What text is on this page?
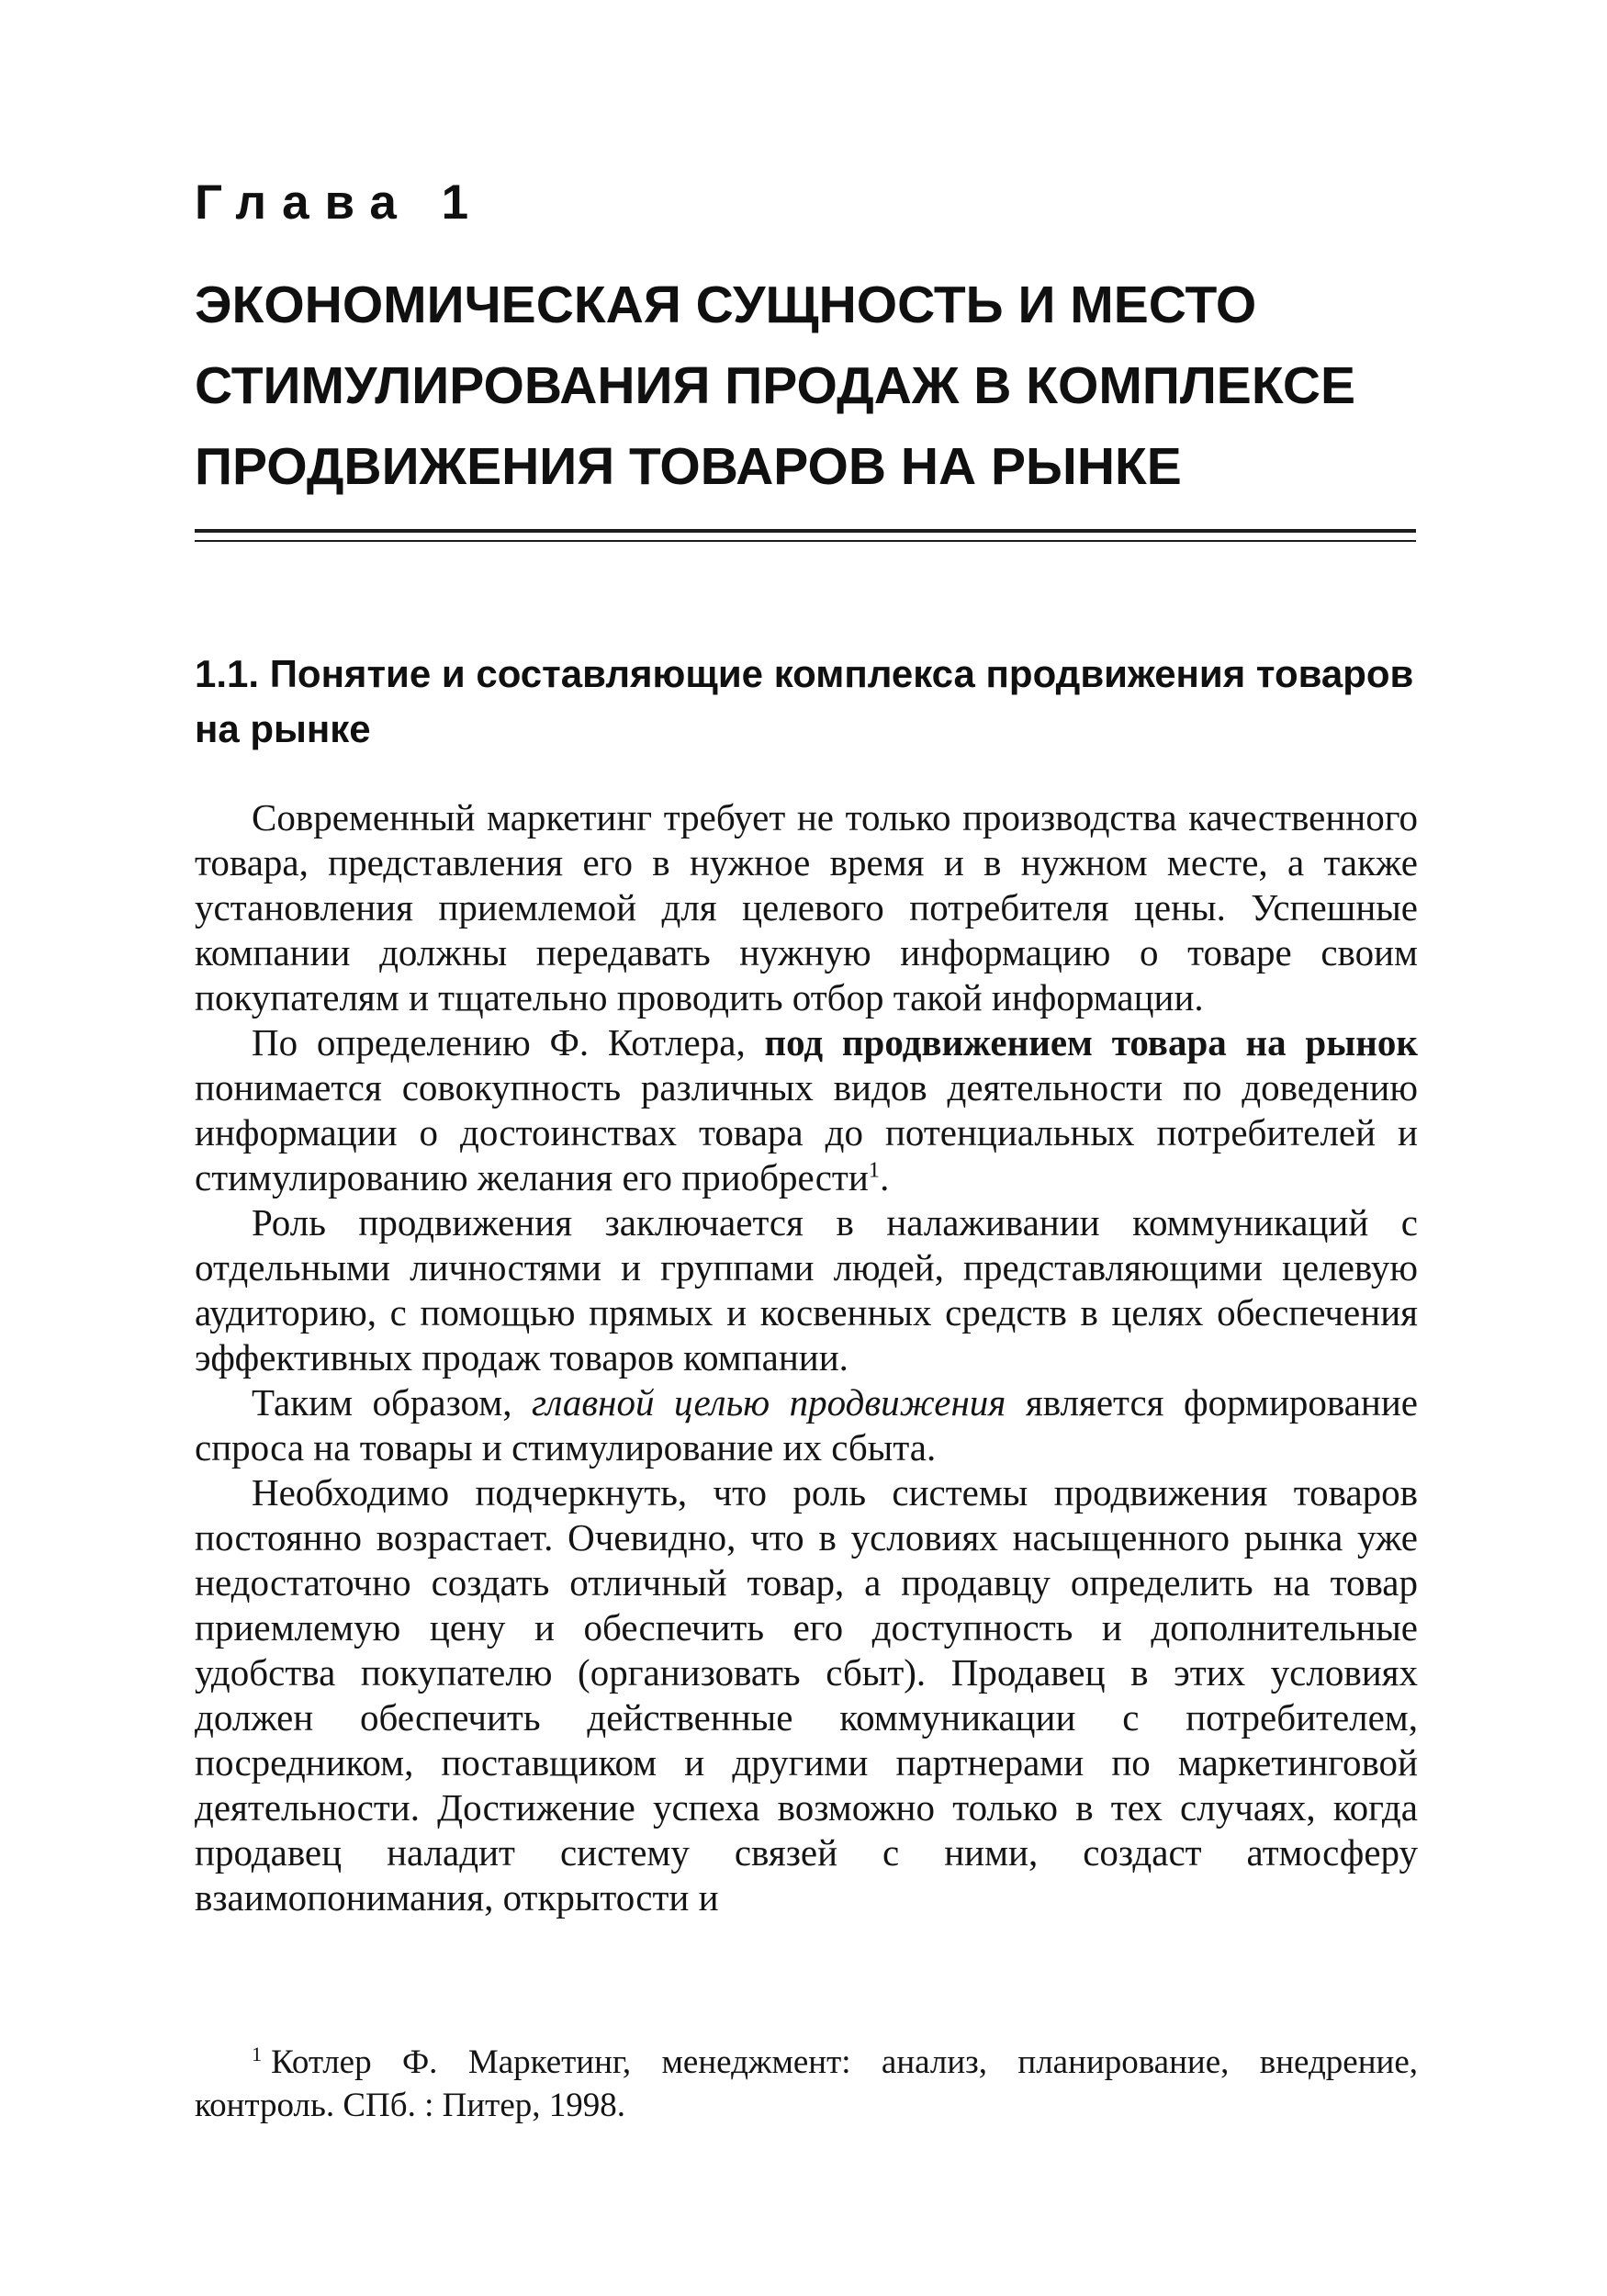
Глава 1
ЭКОНОМИЧЕСКАЯ СУЩНОСТЬ И МЕСТО СТИМУЛИРОВАНИЯ ПРОДАЖ В КОМПЛЕКСЕ ПРОДВИЖЕНИЯ ТОВАРОВ НА РЫНКЕ
1.1. Понятие и составляющие комплекса продвижения товаров на рынке

Современный маркетинг требует не только производства качественного товара, представления его в нужное время и в нужном месте, а также установления приемлемой для целевого потребителя цены. Успешные компании должны передавать нужную информацию о товаре своим покупателям и тщательно проводить отбор такой информации.

По определению Ф. Котлера, под продвижением товара на рынок понимается совокупность различных видов деятельности по доведению информации о достоинствах товара до потенциальных потребителей и стимулированию желания его приобрести$^1$.

Роль продвижения заключается в налаживании коммуникаций с отдельными личностями и группами людей, представляющими целевую аудиторию, с помощью прямых и косвенных средств в целях обеспечения эффективных продаж товаров компании.

Таким образом, главной целью продвижения является формирование спроса на товары и стимулирование их сбыта.

Необходимо подчеркнуть, что роль системы продвижения товаров постоянно возрастает. Очевидно, что в условиях насыщенного рынка уже недостаточно создать отличный товар, а продавцу определить на товар приемлемую цену и обеспечить его доступность и дополнительные удобства покупателю (организовать сбыт). Продавец в этих условиях должен обеспечить действенные коммуникации с потребителем, посредником, поставщиком и другими партнерами по маркетинговой деятельности. Достижение успеха возможно только в тех случаях, когда продавец наладит систему связей с ними, создаст атмосферу взаимопонимания, открытости и

$^1$ Котлер Ф. Маркетинг, менеджмент: анализ, планирование, внедрение, контроль. СПб. : Питер, 1998.
